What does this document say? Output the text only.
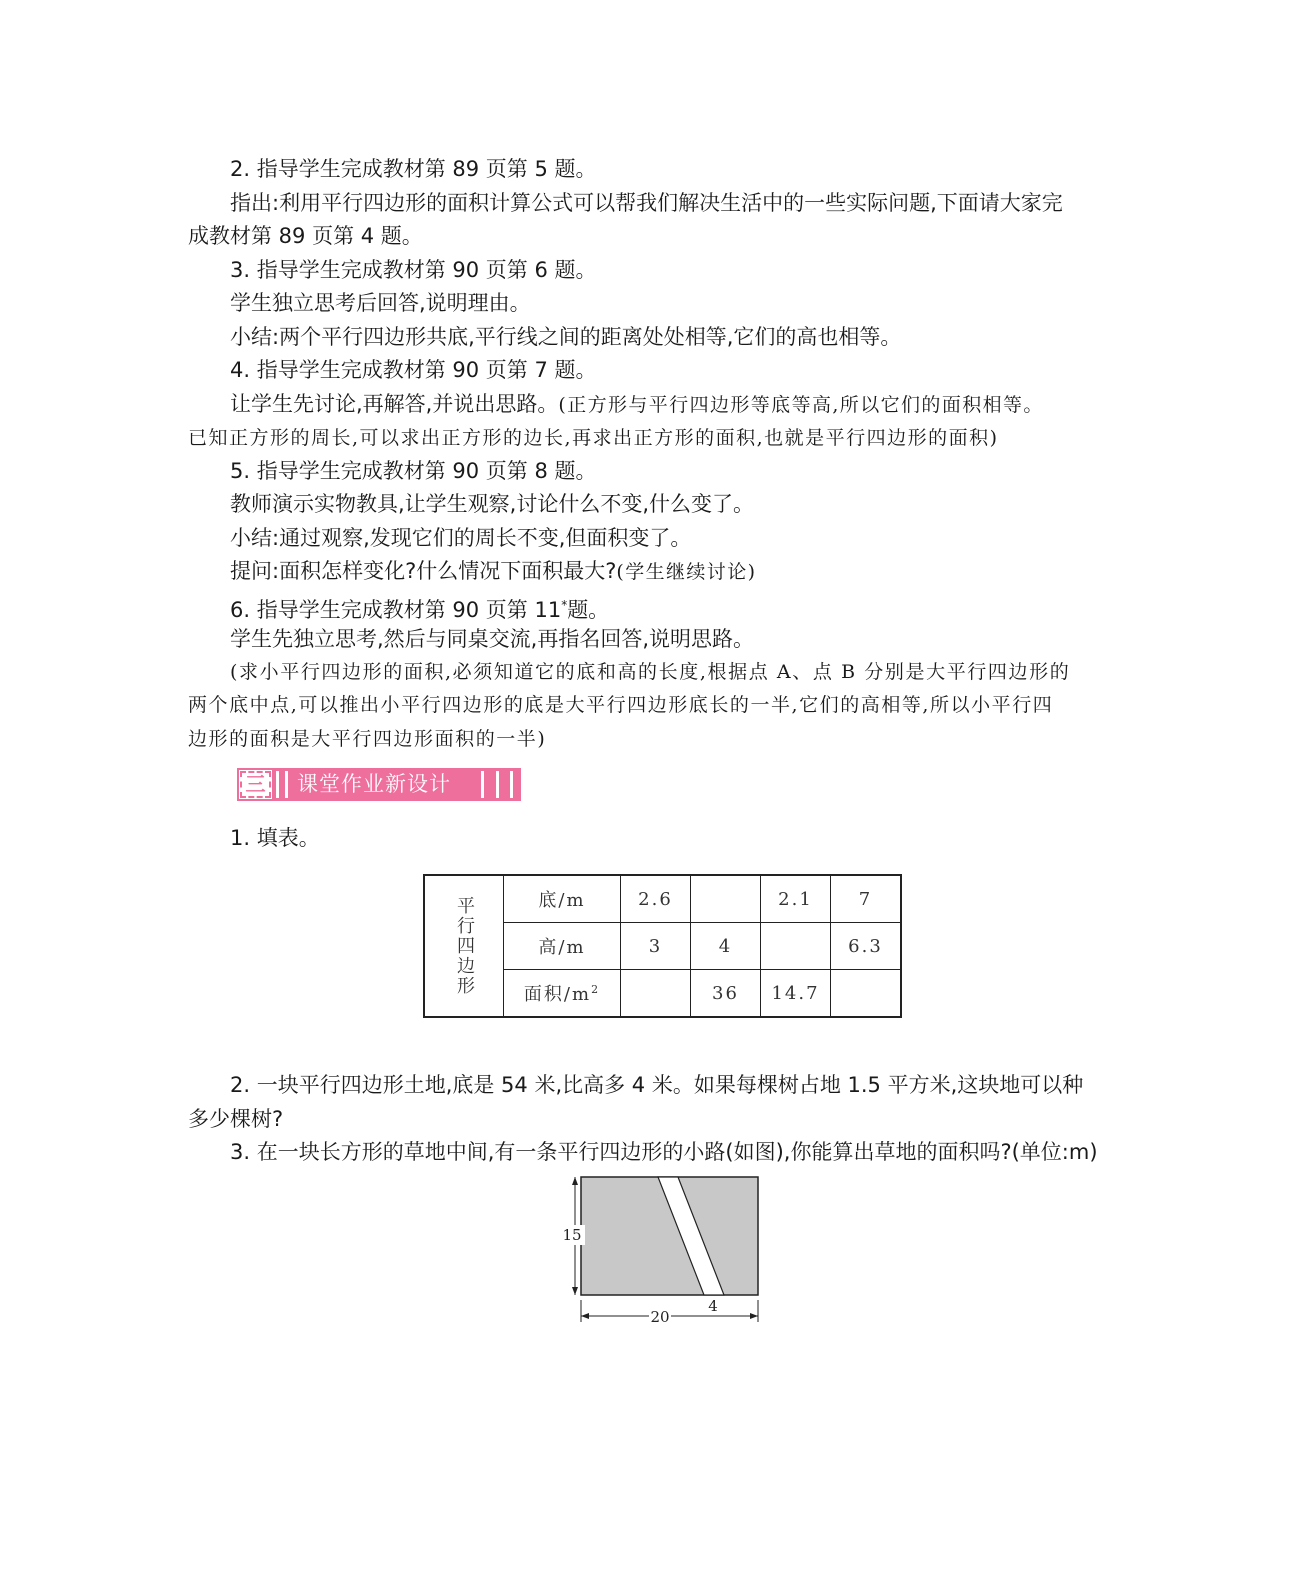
2. 指导学生完成教材第 89 页第 5 题。
指出:利用平行四边形的面积计算公式可以帮我们解决生活中的一些实际问题,下面请大家完
成教材第 89 页第 4 题。
3. 指导学生完成教材第 90 页第 6 题。
学生独立思考后回答,说明理由。
小结:两个平行四边形共底,平行线之间的距离处处相等,它们的高也相等。
4. 指导学生完成教材第 90 页第 7 题。
让学生先讨论,再解答,并说出思路。(正方形与平行四边形等底等高,所以它们的面积相等。
已知正方形的周长,可以求出正方形的边长,再求出正方形的面积,也就是平行四边形的面积)
5. 指导学生完成教材第 90 页第 8 题。
教师演示实物教具,让学生观察,讨论什么不变,什么变了。
小结:通过观察,发现它们的周长不变,但面积变了。
提问:面积怎样变化?什么情况下面积最大?(学生继续讨论)
6. 指导学生完成教材第 90 页第 11*题。
学生先独立思考,然后与同桌交流,再指名回答,说明思路。
(求小平行四边形的面积,必须知道它的底和高的长度,根据点 A、点 B 分别是大平行四边形的
两个底中点,可以推出小平行四边形的底是大平行四边形底长的一半,它们的高相等,所以小平行四
边形的面积是大平行四边形面积的一半)
三 课堂作业新设计
1. 填表。
平行四边形	底/m	2.6		2.1	7
	高/m	3	4		6.3
	面积$/m^2$		36	14.7	
2. 一块平行四边形土地,底是 54 米,比高多 4 米。如果每棵树占地 1.5 平方米,这块地可以种
多少棵树?
3. 在一块长方形的草地中间,有一条平行四边形的小路(如图),你能算出草地的面积吗?(单位:m)
15
20
4
